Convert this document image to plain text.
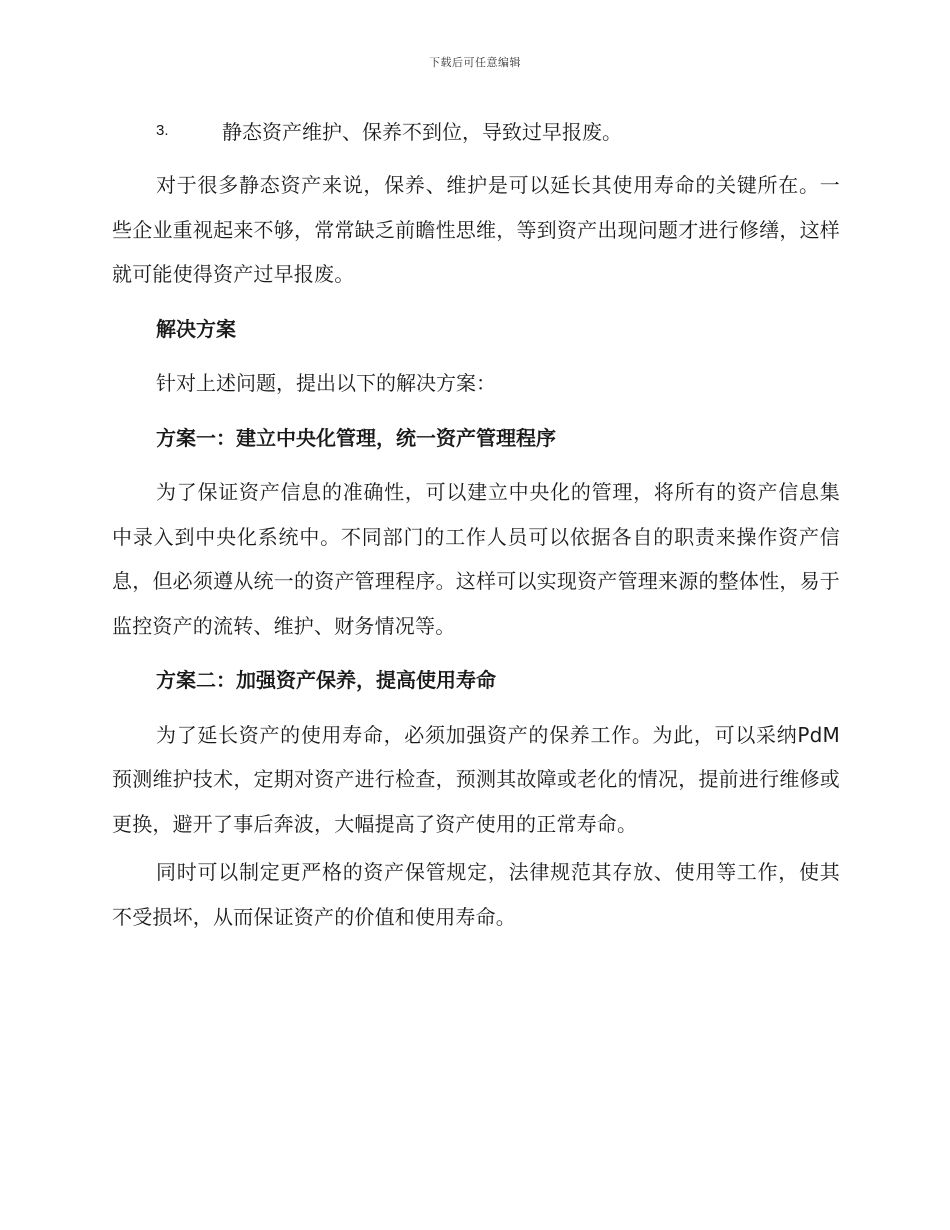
下载后可任意编辑
3.	静态资产维护、保养不到位，导致过早报废。

对于很多静态资产来说，保养、维护是可以延长其使用寿命的关键所在。一些企业重视起来不够，常常缺乏前瞻性思维，等到资产出现问题才进行修缮，这样就可能使得资产过早报废。

解决方案
针对上述问题，提出以下的解决方案：
方案一：建立中央化管理，统一资产管理程序

为了保证资产信息的准确性，可以建立中央化的管理，将所有的资产信息集中录入到中央化系统中。不同部门的工作人员可以依据各自的职责来操作资产信息，但必须遵从统一的资产管理程序。这样可以实现资产管理来源的整体性，易于监控资产的流转、维护、财务情况等。

方案二：加强资产保养，提高使用寿命

为了延长资产的使用寿命，必须加强资产的保养工作。为此，可以采纳PdM预测维护技术，定期对资产进行检查，预测其故障或老化的情况，提前进行维修或更换，避开了事后奔波，大幅提高了资产使用的正常寿命。

同时可以制定更严格的资产保管规定，法律规范其存放、使用等工作，使其不受损坏，从而保证资产的价值和使用寿命。
